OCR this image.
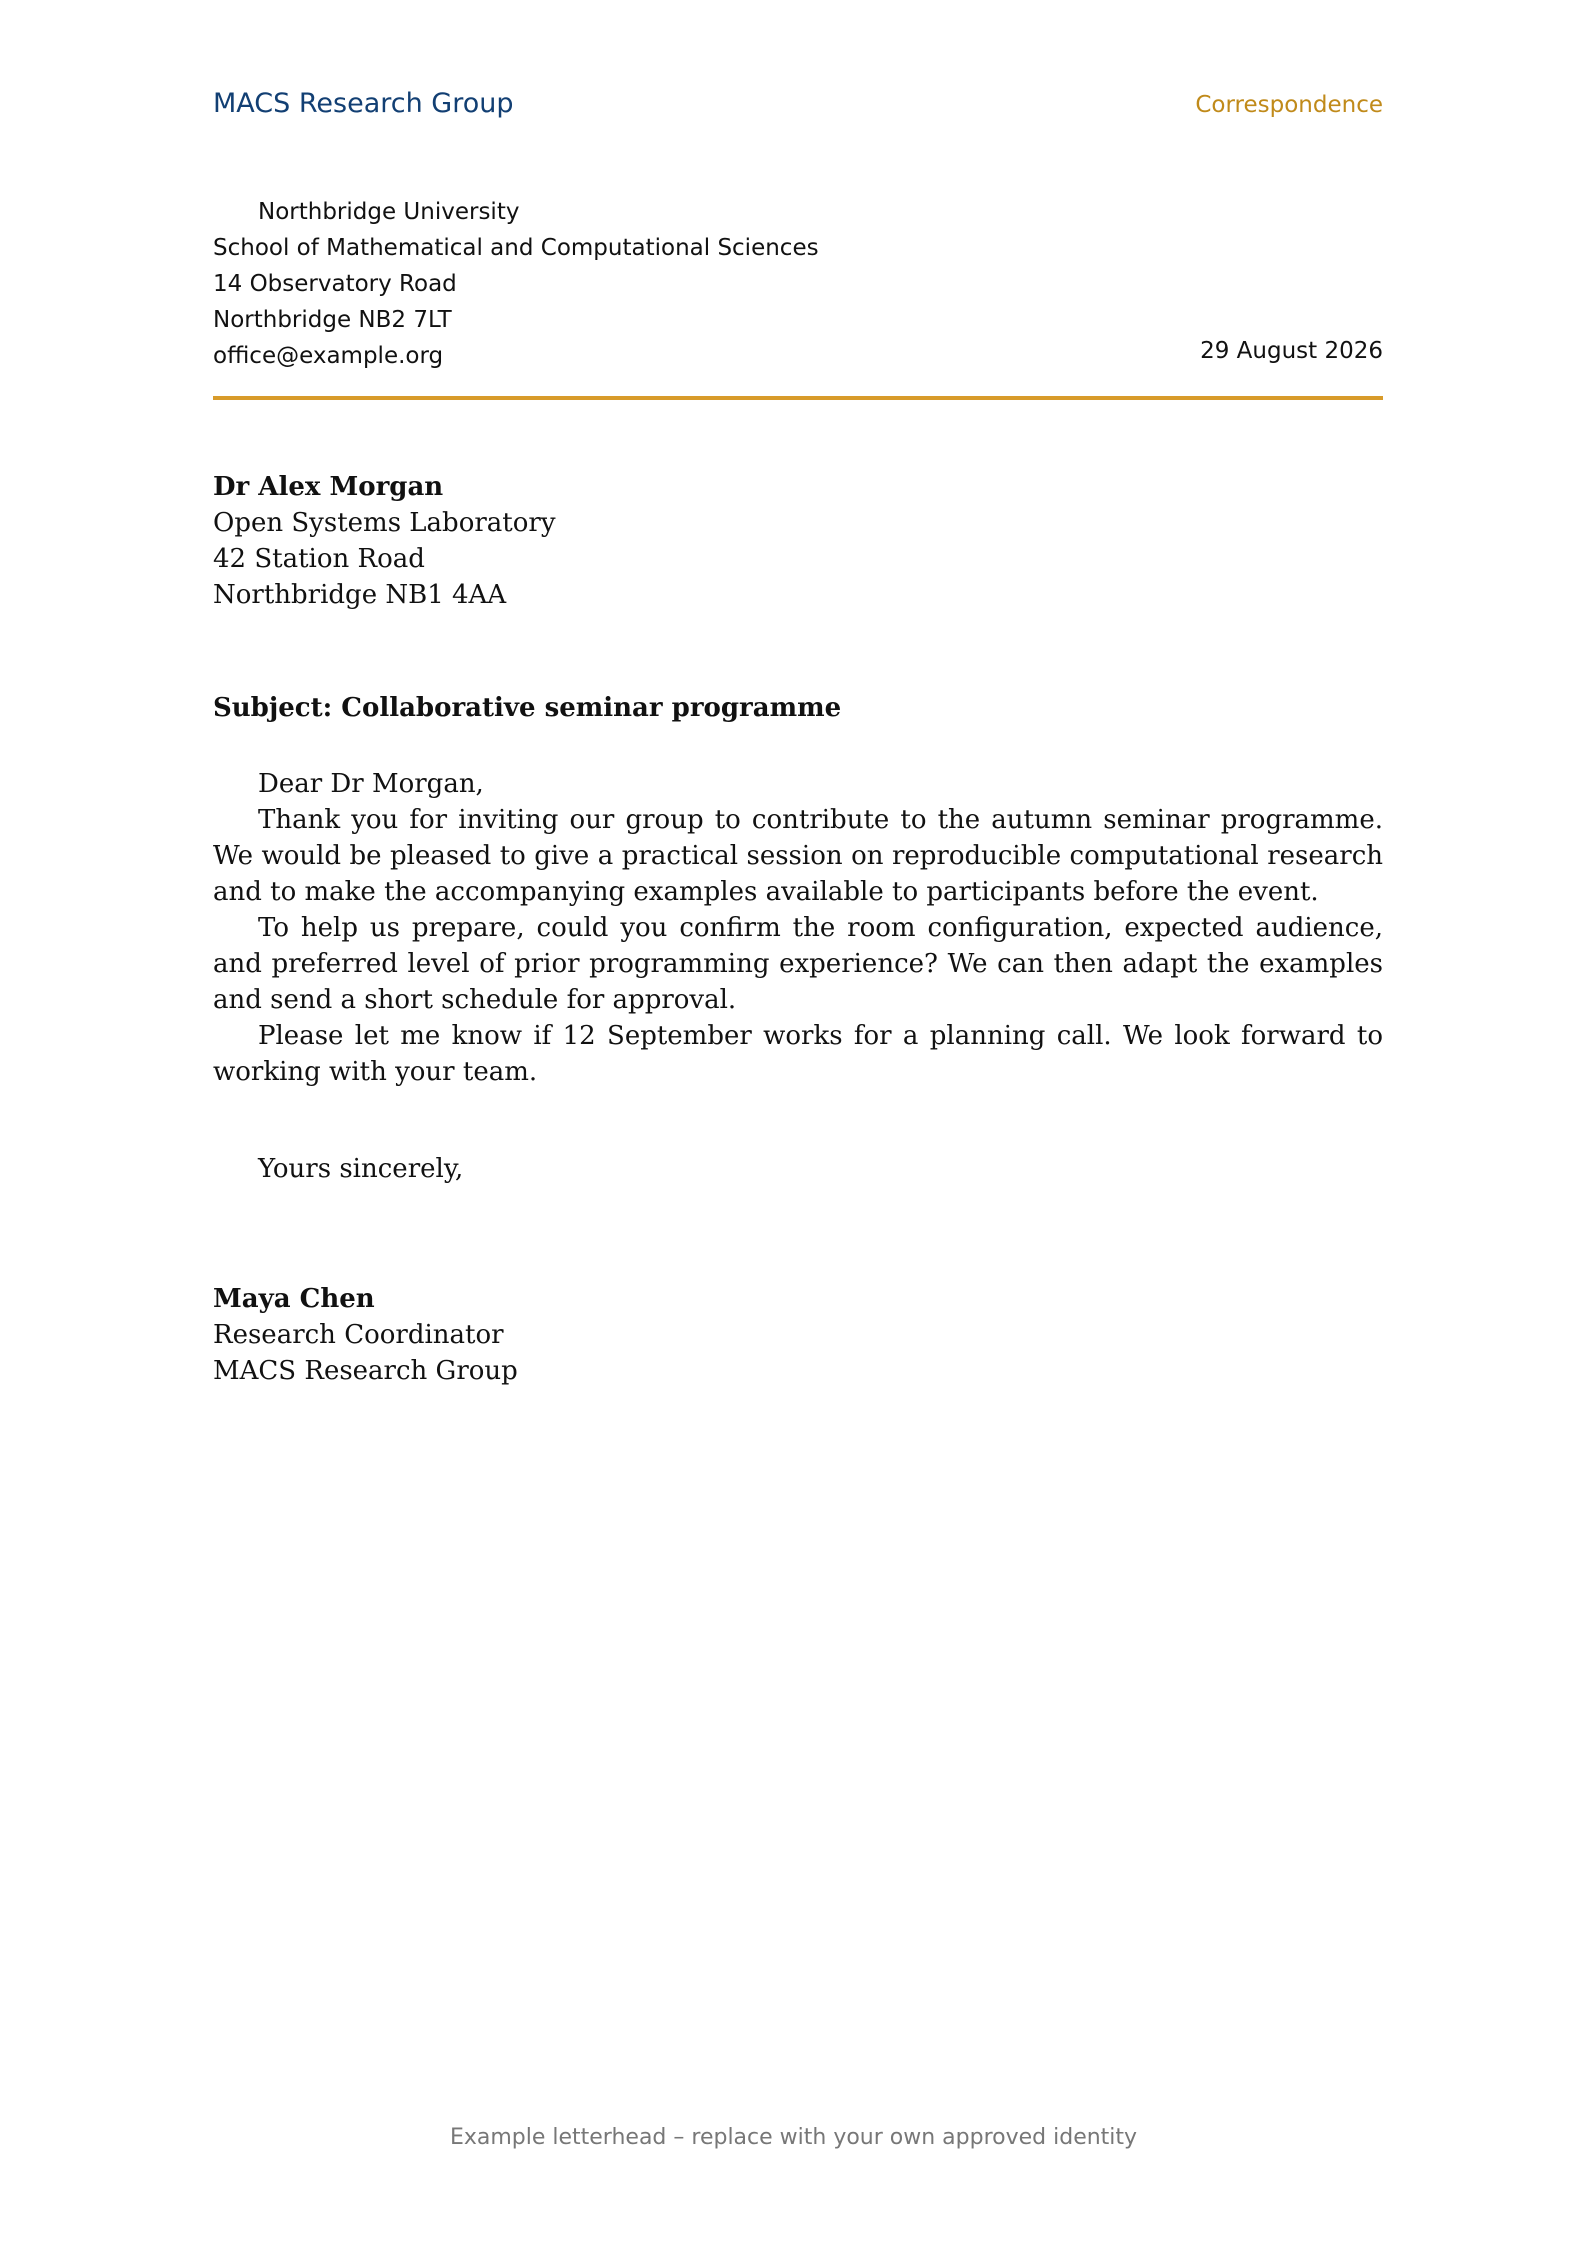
MACS Research Group	Correspondence
Northbridge University
School of Mathematical and Computational Sciences
14 Observatory Road
Northbridge NB2 7LT
office@example.org	29 August 2026
Dr Alex Morgan
Open Systems Laboratory
42 Station Road
Northbridge NB1 4AA
Subject: Collaborative seminar programme

Dear Dr Morgan,

Thank you for inviting our group to contribute to the autumn seminar programme. We would be pleased to give a practical session on reproducible computational research and to make the accompanying examples available to participants before the event.

To help us prepare, could you confirm the room configuration, expected audience, and preferred level of prior programming experience? We can then adapt the examples and send a short schedule for approval.

Please let me know if 12 September works for a planning call. We look forward to working with your team.

Yours sincerely,
Maya Chen
Research Coordinator
MACS Research Group
Example letterhead – replace with your own approved identity
